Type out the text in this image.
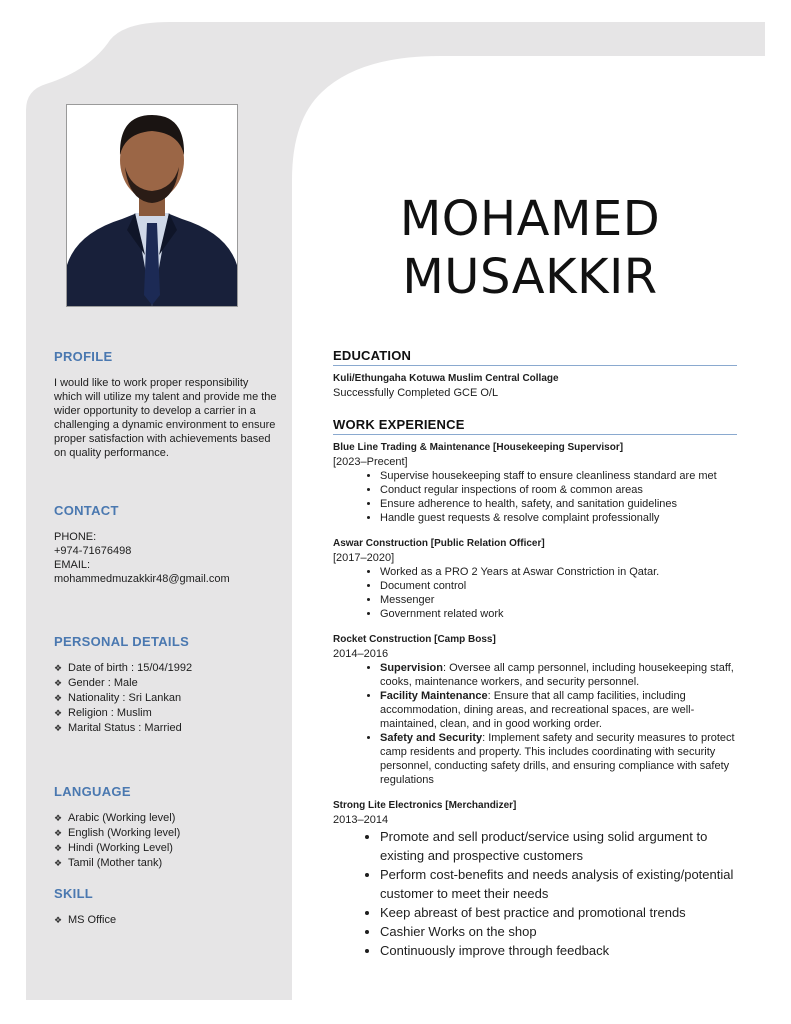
PROFILE

I would like to work proper responsibility which will utilize my talent and provide me the wider opportunity to develop a carrier in a challenging a dynamic environment to ensure proper satisfaction with achievements based on quality performance.

CONTACT

PHONE:

+974-71676498

EMAIL:

mohammedmuzakkir48@gmail.com

PERSONAL DETAILS
❖ Date of birth : 15/04/1992
❖ Gender : Male
❖ Nationality : Sri Lankan
❖ Religion : Muslim
❖ Marital Status : Married
LANGUAGE
❖ Arabic (Working level)
❖ English (Working level)
❖ Hindi (Working Level)
❖ Tamil (Mother tank)
SKILL
❖ MS Office
MOHAMED
MUSAKKIR
EDUCATION

Kuli/Ethungaha Kotuwa Muslim Central Collage

Successfully Completed GCE O/L

WORK EXPERIENCE

Blue Line Trading & Maintenance [Housekeeping Supervisor]

[2023–Precent]

• Supervise housekeeping staff to ensure cleanliness standard are met
• Conduct regular inspections of room & common areas
• Ensure adherence to health, safety, and sanitation guidelines
• Handle guest requests & resolve complaint professionally

Aswar Construction [Public Relation Officer]

[2017–2020]

• Worked as a PRO 2 Years at Aswar Constriction in Qatar.
• Document control
• Messenger
• Government related work

Rocket Construction [Camp Boss]

2014–2016

• Supervision: Oversee all camp personnel, including housekeeping staff, cooks, maintenance workers, and security personnel.
• Facility Maintenance: Ensure that all camp facilities, including accommodation, dining areas, and recreational spaces, are well-maintained, clean, and in good working order.
• Safety and Security: Implement safety and security measures to protect camp residents and property. This includes coordinating with security personnel, conducting safety drills, and ensuring compliance with safety regulations

Strong Lite Electronics [Merchandizer]

2013–2014

• Promote and sell product/service using solid argument to existing and prospective customers
• Perform cost-benefits and needs analysis of existing/potential customer to meet their needs
• Keep abreast of best practice and promotional trends
• Cashier Works on the shop
• Continuously improve through feedback
